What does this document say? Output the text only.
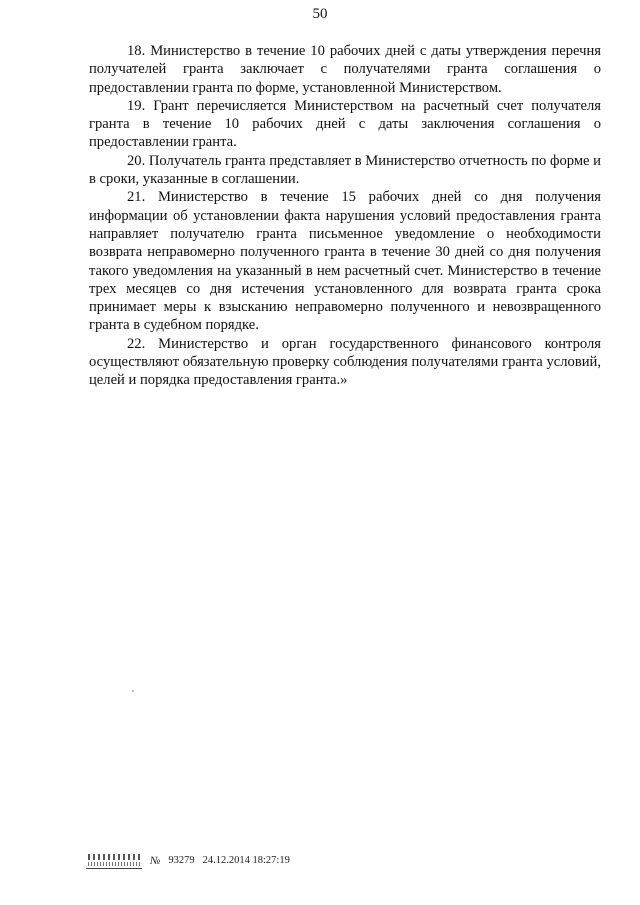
50

18. Министерство в течение 10 рабочих дней с даты утверждения перечня получателей гранта заключает с получателями гранта соглашения о предоставлении гранта по форме, установленной Министерством.

19. Грант перечисляется Министерством на расчетный счет получателя гранта в течение 10 рабочих дней с даты заключения соглашения о предоставлении гранта.

20. Получатель гранта представляет в Министерство отчетность по форме и в сроки, указанные в соглашении.

21. Министерство в течение 15 рабочих дней со дня получения информации об установлении факта нарушения условий предоставления гранта направляет получателю гранта письменное уведомление о необходимости возврата неправомерно полученного гранта в течение 30 дней со дня получения такого уведомления на указанный в нем расчетный счет. Министерство в течение трех месяцев со дня истечения установленного для возврата гранта срока принимает меры к взысканию неправомерно полученного и невозвращенного гранта в судебном порядке.

22. Министерство и орган государственного финансового контроля осуществляют обязательную проверку соблюдения получателями гранта условий, целей и порядка предоставления гранта.»

№ 93279 24.12.2014 18:27:19
